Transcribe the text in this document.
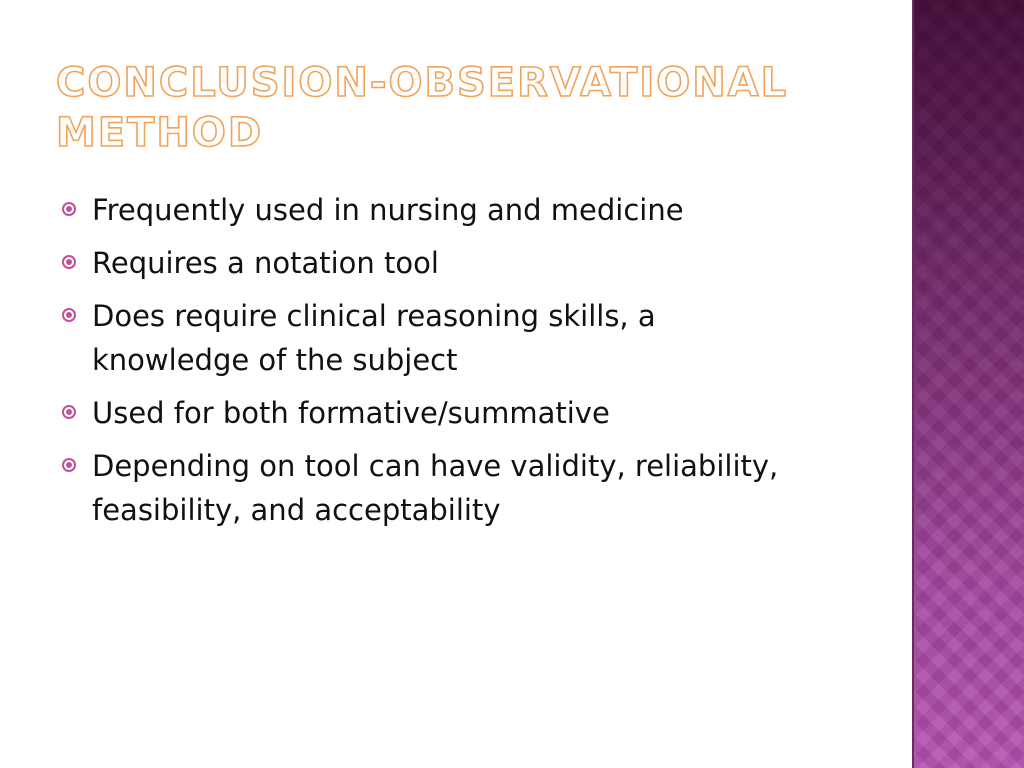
CONCLUSION-OBSERVATIONAL
METHOD
Frequently used in nursing and medicine
Requires a notation tool
Does require clinical reasoning skills, a knowledge of the subject
Used for both formative/summative
Depending on tool can have validity, reliability, feasibility, and acceptability
